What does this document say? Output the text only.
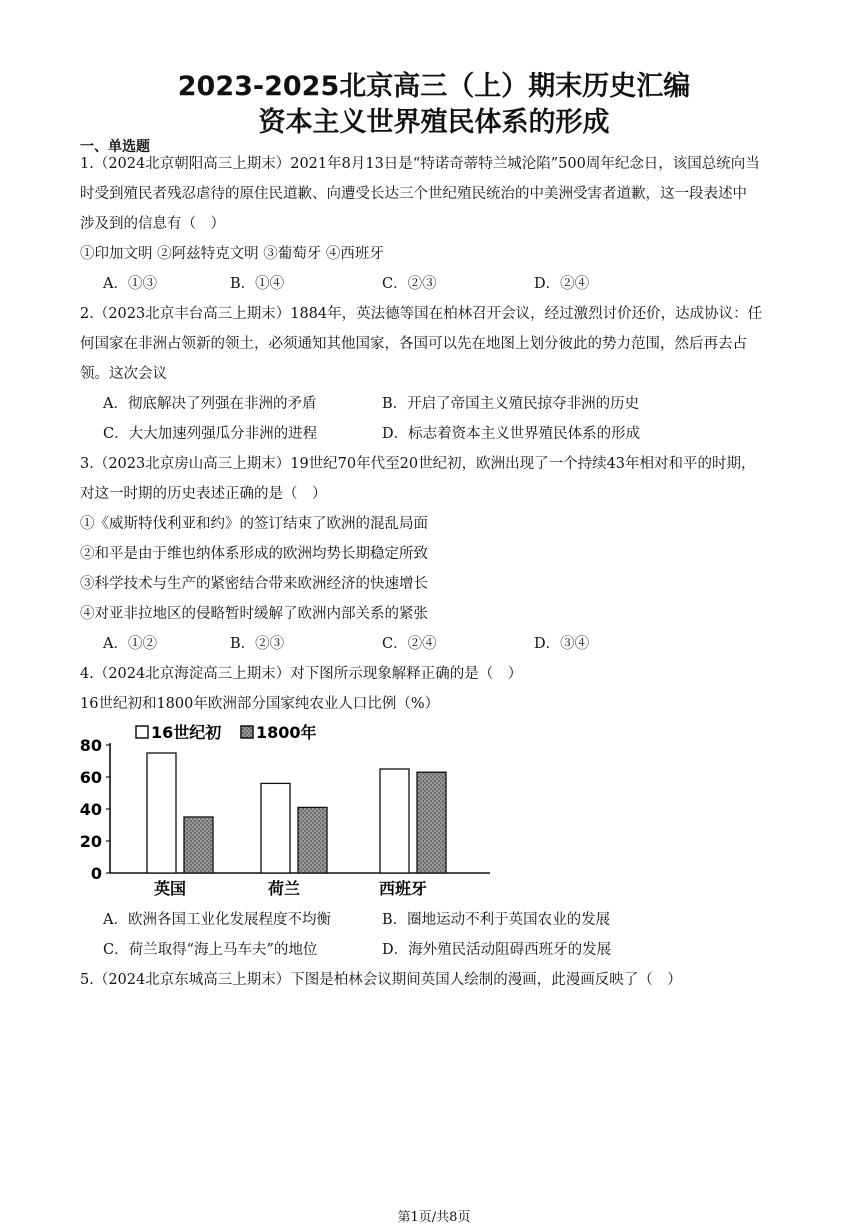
2023-2025北京高三（上）期末历史汇编
资本主义世界殖民体系的形成
一、单选题
1.（2024北京朝阳高三上期末）2021年8月13日是“特诺奇蒂特兰城沦陷”500周年纪念日，该国总统向当
时受到殖民者残忍虐待的原住民道歉、向遭受长达三个世纪殖民统治的中美洲受害者道歉，这一段表述中
涉及到的信息有（　）
①印加文明 ②阿兹特克文明 ③葡萄牙 ④西班牙
A．①③	B．①④	C．②③	D．②④
2.（2023北京丰台高三上期末）1884年，英法德等国在柏林召开会议，经过激烈讨价还价，达成协议：任
何国家在非洲占领新的领土，必须通知其他国家，各国可以先在地图上划分彼此的势力范围，然后再去占
领。这次会议
A．彻底解决了列强在非洲的矛盾	B．开启了帝国主义殖民掠夺非洲的历史
C．大大加速列强瓜分非洲的进程	D．标志着资本主义世界殖民体系的形成
3.（2023北京房山高三上期末）19世纪70年代至20世纪初，欧洲出现了一个持续43年相对和平的时期，
对这一时期的历史表述正确的是（　）
①《威斯特伐利亚和约》的签订结束了欧洲的混乱局面
②和平是由于维也纳体系形成的欧洲均势长期稳定所致
③科学技术与生产的紧密结合带来欧洲经济的快速增长
④对亚非拉地区的侵略暂时缓解了欧洲内部关系的紧张
A．①②	B．②③	C．②④	D．③④
4.（2024北京海淀高三上期末）对下图所示现象解释正确的是（　）
16世纪初和1800年欧洲部分国家纯农业人口比例（%）
0
20
40
60
80
英国	荷兰	西班牙
16世纪初 1800年
A．欧洲各国工业化发展程度不均衡	B．圈地运动不利于英国农业的发展
C．荷兰取得“海上马车夫”的地位	D．海外殖民活动阻碍西班牙的发展
5.（2024北京东城高三上期末）下图是柏林会议期间英国人绘制的漫画，此漫画反映了（　）
第1页/共8页
